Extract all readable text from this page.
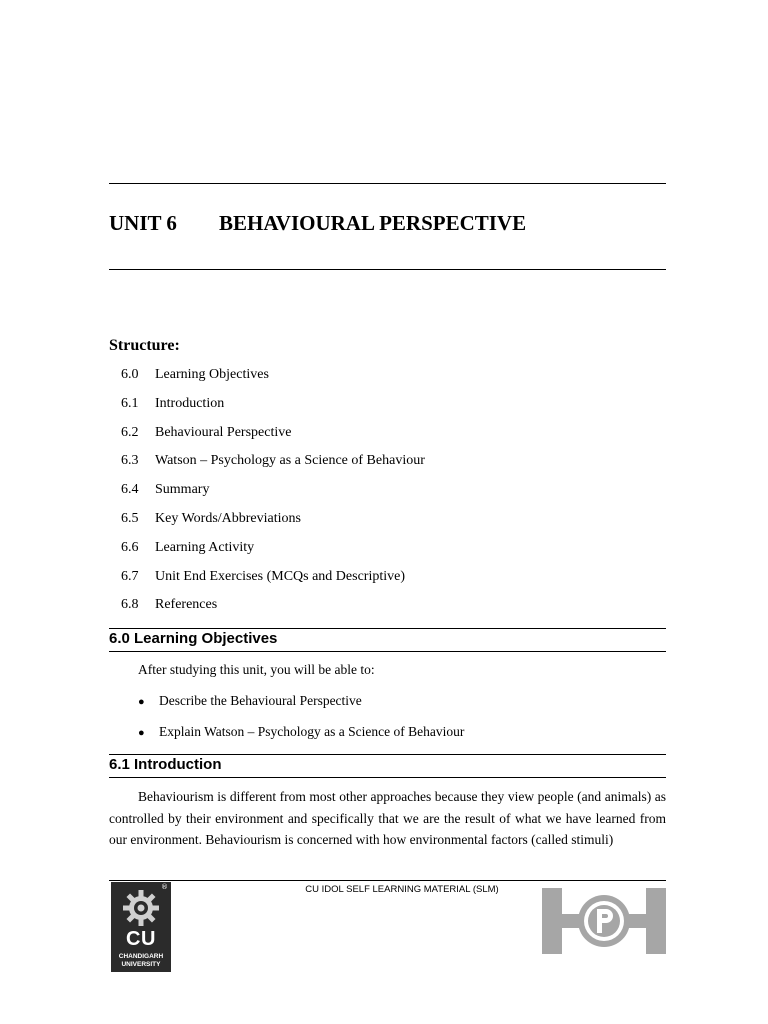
UNIT 6 BEHAVIOURAL PERSPECTIVE
Structure:
6.0 Learning Objectives
6.1 Introduction
6.2 Behavioural Perspective
6.3 Watson – Psychology as a Science of Behaviour
6.4 Summary
6.5 Key Words/Abbreviations
6.6 Learning Activity
6.7 Unit End Exercises (MCQs and Descriptive)
6.8 References
6.0 Learning Objectives
After studying this unit, you will be able to:
● Describe the Behavioural Perspective
● Explain Watson – Psychology as a Science of Behaviour
6.1 Introduction

Behaviourism is different from most other approaches because they view people (and animals) as controlled by their environment and specifically that we are the result of what we have learned from our environment. Behaviourism is concerned with how environmental factors (called stimuli)

CU IDOL SELF LEARNING MATERIAL (SLM)
CU
CHANDIGARH
UNIVERSITY
®
